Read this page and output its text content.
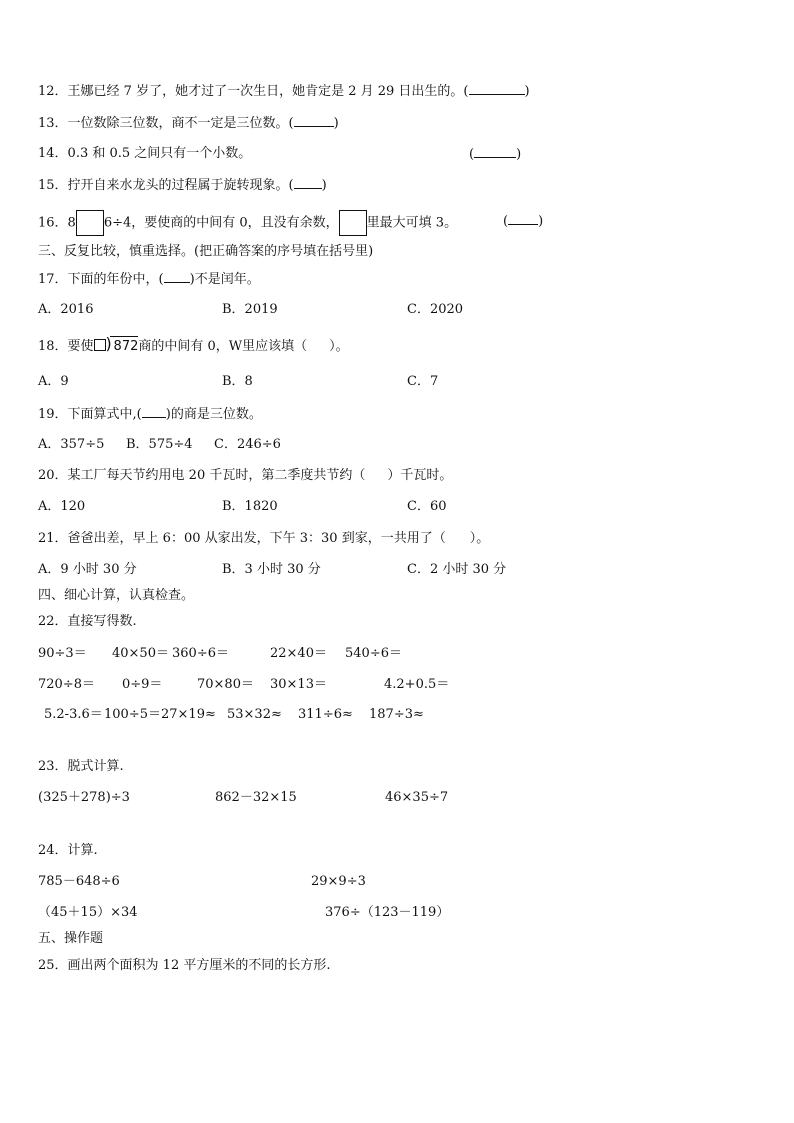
12．王娜已经 7 岁了，她才过了一次生日，她肯定是 2 月 29 日出生的。(	)
13．一位数除三位数，商不一定是三位数。(	)
14．0.3 和 0.5 之间只有一个小数。	(	)
15．拧开自来水龙头的过程属于旋转现象。( )
16．8 6÷4，要使商的中间有 0，且没有余数， 里最大可填 3。	( )
三、反复比较，慎重选择。(把正确答案的序号填在括号里)
17．下面的年份中，( )不是闰年。
A．2016	B．2019	C．2020
18．要使 ) 872商的中间有 0，W里应该填（ ）。
A．9	B．8	C．7
19．下面算式中,( )的商是三位数。
A．357÷5 B．575÷4 C．246÷6
20．某工厂每天节约用电 20 千瓦时，第二季度共节约（ ）千瓦时。
A．120	B．1820	C．60
21．爸爸出差，早上 6：00 从家出发，下午 3：30 到家，一共用了（ ）。
A．9 小时 30 分	B．3 小时 30 分	C．2 小时 30 分
四、细心计算，认真检查。
22．直接写得数.
90÷3＝ 40×50＝ 360÷6＝	22×40＝ 540÷6＝
720÷8＝ 0÷9＝	70×80＝ 30×13＝	4.2+0.5＝
5.2-3.6＝ 100÷5＝ 27×19≈ 53×32≈ 311÷6≈ 187÷3≈
23．脱式计算.
(325＋278)÷3	862－32×15	46×35÷7
24．计算.
785－648÷6	29×9÷3
（45＋15）×34	376÷（123－119）
五、操作题
25．画出两个面积为 12 平方厘米的不同的长方形.
